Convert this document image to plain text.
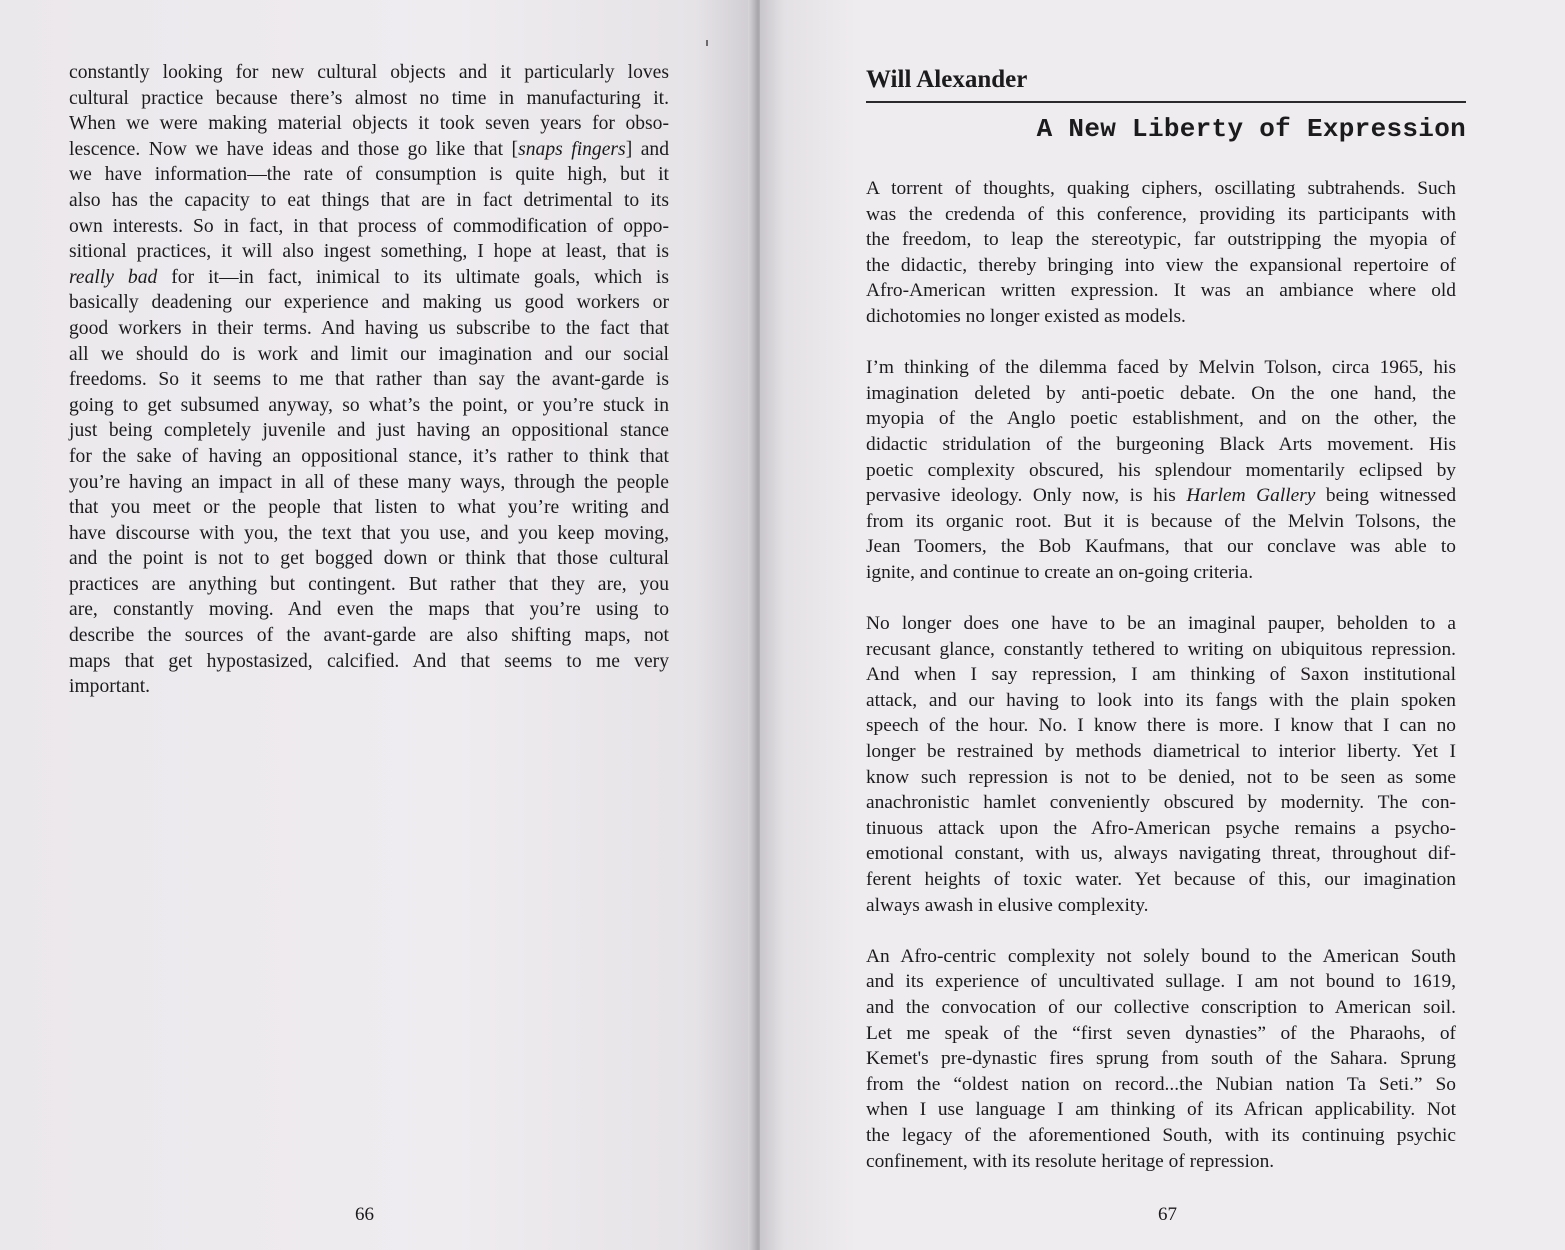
constantly looking for new cultural objects and it particularly loves
cultural practice because there’s almost no time in manufacturing it.
When we were making material objects it took seven years for obso-
lescence. Now we have ideas and those go like that [snaps fingers] and
we have information—the rate of consumption is quite high, but it
also has the capacity to eat things that are in fact detrimental to its
own interests. So in fact, in that process of commodification of oppo-
sitional practices, it will also ingest something, I hope at least, that is
really bad for it—in fact, inimical to its ultimate goals, which is
basically deadening our experience and making us good workers or
good workers in their terms. And having us subscribe to the fact that
all we should do is work and limit our imagination and our social
freedoms. So it seems to me that rather than say the avant-garde is
going to get subsumed anyway, so what’s the point, or you’re stuck in
just being completely juvenile and just having an oppositional stance
for the sake of having an oppositional stance, it’s rather to think that
you’re having an impact in all of these many ways, through the people
that you meet or the people that listen to what you’re writing and
have discourse with you, the text that you use, and you keep moving,
and the point is not to get bogged down or think that those cultural
practices are anything but contingent. But rather that they are, you
are, constantly moving. And even the maps that you’re using to
describe the sources of the avant-garde are also shifting maps, not
maps that get hypostasized, calcified. And that seems to me very
important.

66

Will Alexander
A New Liberty of Expression
A torrent of thoughts, quaking ciphers, oscillating subtrahends. Such
was the credenda of this conference, providing its participants with
the freedom, to leap the stereotypic, far outstripping the myopia of
the didactic, thereby bringing into view the expansional repertoire of
Afro-American written expression. It was an ambiance where old
dichotomies no longer existed as models.
I’m thinking of the dilemma faced by Melvin Tolson, circa 1965, his
imagination deleted by anti-poetic debate. On the one hand, the
myopia of the Anglo poetic establishment, and on the other, the
didactic stridulation of the burgeoning Black Arts movement. His
poetic complexity obscured, his splendour momentarily eclipsed by
pervasive ideology. Only now, is his Harlem Gallery being witnessed
from its organic root. But it is because of the Melvin Tolsons, the
Jean Toomers, the Bob Kaufmans, that our conclave was able to
ignite, and continue to create an on-going criteria.
No longer does one have to be an imaginal pauper, beholden to a
recusant glance, constantly tethered to writing on ubiquitous repression.
And when I say repression, I am thinking of Saxon institutional
attack, and our having to look into its fangs with the plain spoken
speech of the hour. No. I know there is more. I know that I can no
longer be restrained by methods diametrical to interior liberty. Yet I
know such repression is not to be denied, not to be seen as some
anachronistic hamlet conveniently obscured by modernity. The con-
tinuous attack upon the Afro-American psyche remains a psycho-
emotional constant, with us, always navigating threat, throughout dif-
ferent heights of toxic water. Yet because of this, our imagination
always awash in elusive complexity.
An Afro-centric complexity not solely bound to the American South
and its experience of uncultivated sullage. I am not bound to 1619,
and the convocation of our collective conscription to American soil.
Let me speak of the “first seven dynasties” of the Pharaohs, of
Kemet's pre-dynastic fires sprung from south of the Sahara. Sprung
from the “oldest nation on record...the Nubian nation Ta Seti.” So
when I use language I am thinking of its African applicability. Not
the legacy of the aforementioned South, with its continuing psychic
confinement, with its resolute heritage of repression.

67
